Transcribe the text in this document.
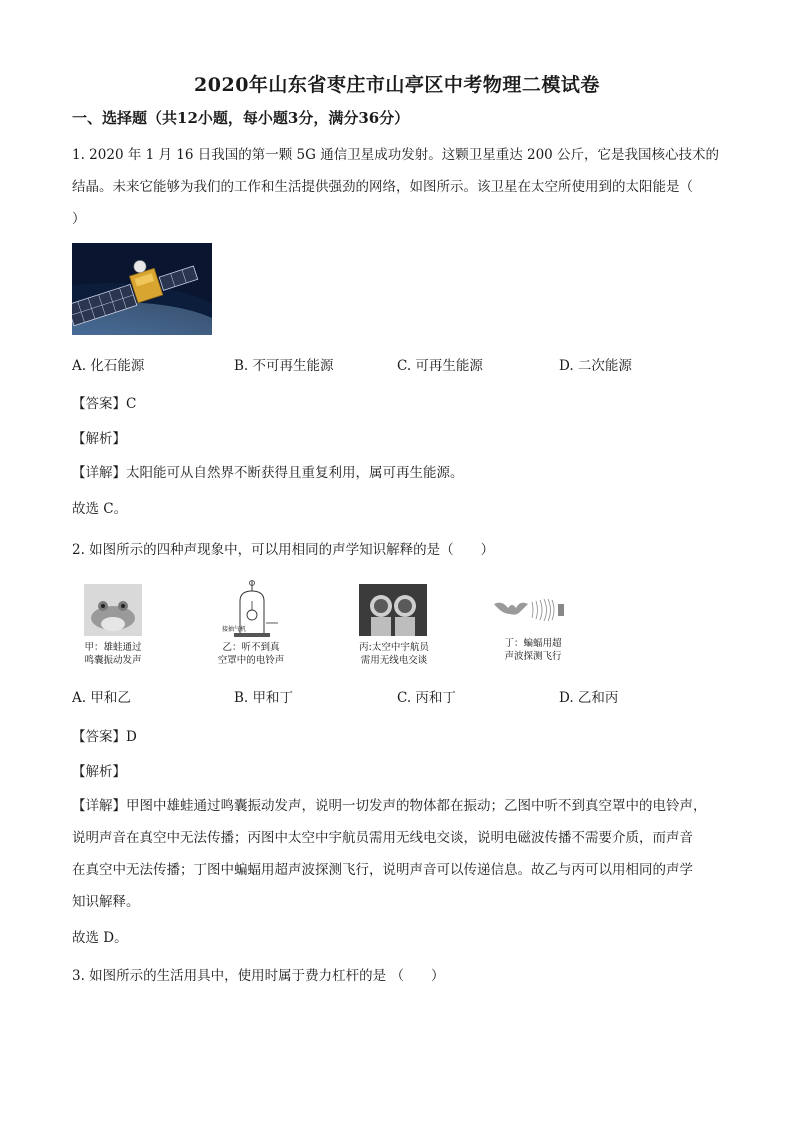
2020年山东省枣庄市山亭区中考物理二模试卷
一、选择题（共12小题，每小题3分，满分36分）
1. 2020 年 1 月 16 日我国的第一颗 5G 通信卫星成功发射。这颗卫星重达 200 公斤，它是我国核心技术的
结晶。未来它能够为我们的工作和生活提供强劲的网络，如图所示。该卫星在太空所使用到的太阳能是（
）
A. 化石能源	B. 不可再生能源	C. 可再生能源	D. 二次能源
【答案】C
【解析】
【详解】太阳能可从自然界不断获得且重复利用，属可再生能源。
故选 C。
2. 如图所示的四种声现象中，可以用相同的声学知识解释的是（　　）
甲：雄蛙通过
鸣囊振动发声
接抽气机
乙：听不到真
空罩中的电铃声
丙:太空中宇航员
需用无线电交谈
丁：蝙蝠用超
声波探测飞行
A. 甲和乙	B. 甲和丁	C. 丙和丁	D. 乙和丙
【答案】D
【解析】
【详解】甲图中雄蛙通过鸣囊振动发声，说明一切发声的物体都在振动；乙图中听不到真空罩中的电铃声，
说明声音在真空中无法传播；丙图中太空中宇航员需用无线电交谈，说明电磁波传播不需要介质，而声音
在真空中无法传播；丁图中蝙蝠用超声波探测飞行，说明声音可以传递信息。故乙与丙可以用相同的声学
知识解释。
故选 D。
3. 如图所示的生活用具中，使用时属于费力杠杆的是 （　　）
